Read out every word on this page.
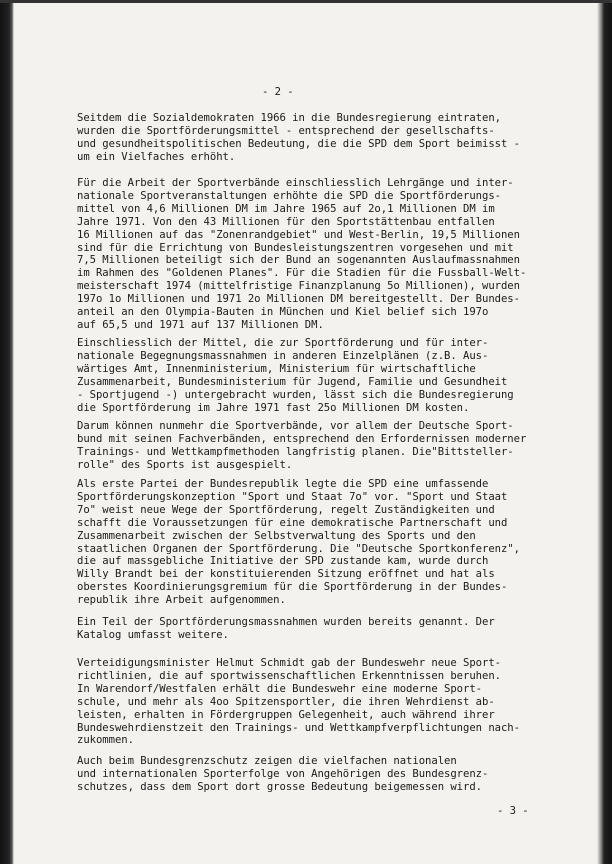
- 2 -
Seitdem die Sozialdemokraten 1966 in die Bundesregierung eintraten,
wurden die Sportförderungsmittel - entsprechend der gesellschafts-
und gesundheitspolitischen Bedeutung, die die SPD dem Sport beimisst -
um ein Vielfaches erhöht.
Für die Arbeit der Sportverbände einschliesslich Lehrgänge und inter-
nationale Sportveranstaltungen erhöhte die SPD die Sportförderungs-
mittel von 4,6 Millionen DM im Jahre 1965 auf 2o,1 Millionen DM im
Jahre 1971. Von den 43 Millionen für den Sportstättenbau entfallen
16 Millionen auf das "Zonenrandgebiet" und West-Berlin, 19,5 Millionen
sind für die Errichtung von Bundesleistungszentren vorgesehen und mit
7,5 Millionen beteiligt sich der Bund an sogenannten Auslaufmassnahmen
im Rahmen des "Goldenen Planes". Für die Stadien für die Fussball-Welt-
meisterschaft 1974 (mittelfristige Finanzplanung 5o Millionen), wurden
197o 1o Millionen und 1971 2o Millionen DM bereitgestellt. Der Bundes-
anteil an den Olympia-Bauten in München und Kiel belief sich 197o
auf 65,5 und 1971 auf 137 Millionen DM.
Einschliesslich der Mittel, die zur Sportförderung und für inter-
nationale Begegnungsmassnahmen in anderen Einzelplänen (z.B. Aus-
wärtiges Amt, Innenministerium, Ministerium für wirtschaftliche
Zusammenarbeit, Bundesministerium für Jugend, Familie und Gesundheit
- Sportjugend -) untergebracht wurden, lässt sich die Bundesregierung
die Sportförderung im Jahre 1971 fast 25o Millionen DM kosten.
Darum können nunmehr die Sportverbände, vor allem der Deutsche Sport-
bund mit seinen Fachverbänden, entsprechend den Erfordernissen moderner
Trainings- und Wettkampfmethoden langfristig planen. Die"Bittsteller-
rolle" des Sports ist ausgespielt.
Als erste Partei der Bundesrepublik legte die SPD eine umfassende
Sportförderungskonzeption "Sport und Staat 7o" vor. "Sport und Staat
7o" weist neue Wege der Sportförderung, regelt Zuständigkeiten und
schafft die Voraussetzungen für eine demokratische Partnerschaft und
Zusammenarbeit zwischen der Selbstverwaltung des Sports und den
staatlichen Organen der Sportförderung. Die "Deutsche Sportkonferenz",
die auf massgebliche Initiative der SPD zustande kam, wurde durch
Willy Brandt bei der konstituierenden Sitzung eröffnet und hat als
oberstes Koordinierungsgremium für die Sportförderung in der Bundes-
republik ihre Arbeit aufgenommen.
Ein Teil der Sportförderungsmassnahmen wurden bereits genannt. Der
Katalog umfasst weitere.
Verteidigungsminister Helmut Schmidt gab der Bundeswehr neue Sport-
richtlinien, die auf sportwissenschaftlichen Erkenntnissen beruhen.
In Warendorf/Westfalen erhält die Bundeswehr eine moderne Sport-
schule, und mehr als 4oo Spitzensportler, die ihren Wehrdienst ab-
leisten, erhalten in Fördergruppen Gelegenheit, auch während ihrer
Bundeswehrdienstzeit den Trainings- und Wettkampfverpflichtungen nach-
zukommen.
Auch beim Bundesgrenzschutz zeigen die vielfachen nationalen
und internationalen Sporterfolge von Angehörigen des Bundesgrenz-
schutzes, dass dem Sport dort grosse Bedeutung beigemessen wird.
- 3 -
